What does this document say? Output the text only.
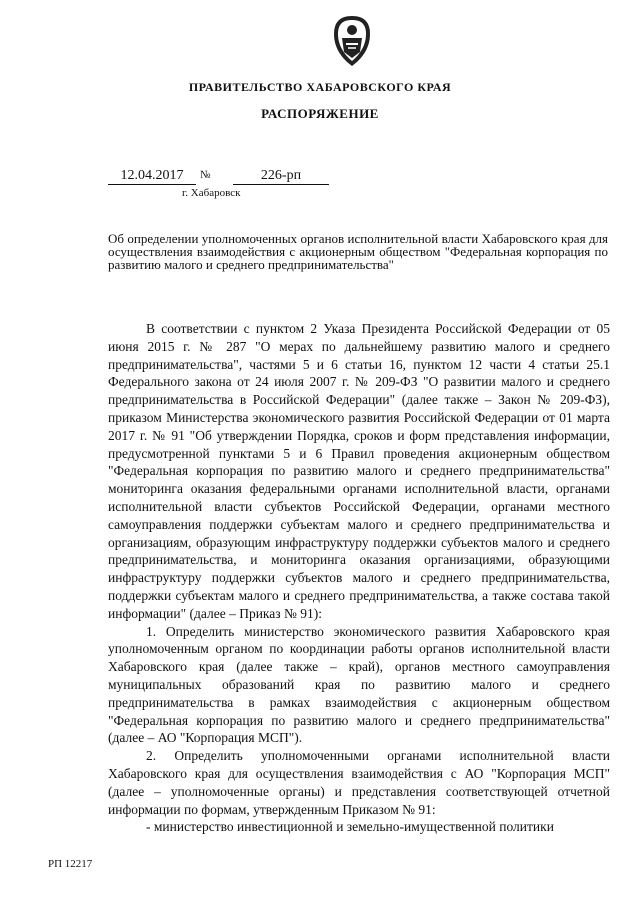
ПРАВИТЕЛЬСТВО ХАБАРОВСКОГО КРАЯ
РАСПОРЯЖЕНИЕ
12.04.2017	№	226-рп
г. Хабаровск
Об определении уполномоченных органов исполнительной власти Хабаровского края для осуществления взаимодействия с акционерным обществом "Федеральная корпорация по развитию малого и среднего предпринимательства"

В соответствии с пунктом 2 Указа Президента Российской Федерации от 05 июня 2015 г. № 287 "О мерах по дальнейшему развитию малого и среднего предпринимательства", частями 5 и 6 статьи 16, пунктом 12 части 4 статьи 25.1 Федерального закона от 24 июля 2007 г. № 209-ФЗ "О развитии малого и среднего предпринимательства в Российской Федерации" (далее также – Закон № 209-ФЗ), приказом Министерства экономического развития Российской Федерации от 01 марта 2017 г. № 91 "Об утверждении Порядка, сроков и форм представления информации, предусмотренной пунктами 5 и 6 Правил проведения акционерным обществом "Федеральная корпорация по развитию малого и среднего предпринимательства" мониторинга оказания федеральными органами исполнительной власти, органами исполнительной власти субъектов Российской Федерации, органами местного самоуправления поддержки субъектам малого и среднего предпринимательства и организациям, образующим инфраструктуру поддержки субъектов малого и среднего предпринимательства, и мониторинга оказания организациями, образующими инфраструктуру поддержки субъектов малого и среднего предпринимательства, поддержки субъектам малого и среднего предпринимательства, а также состава такой информации" (далее – Приказ № 91):

1. Определить министерство экономического развития Хабаровского края уполномоченным органом по координации работы органов исполнительной власти Хабаровского края (далее также – край), органов местного самоуправления муниципальных образований края по развитию малого и среднего предпринимательства в рамках взаимодействия с акционерным обществом "Федеральная корпорация по развитию малого и среднего предпринимательства" (далее – АО "Корпорация МСП").

2. Определить уполномоченными органами исполнительной власти Хабаровского края для осуществления взаимодействия с АО "Корпорация МСП" (далее – уполномоченные органы) и представления соответствующей отчетной информации по формам, утвержденным Приказом № 91:

- министерство инвестиционной и земельно-имущественной политики

РП 12217
